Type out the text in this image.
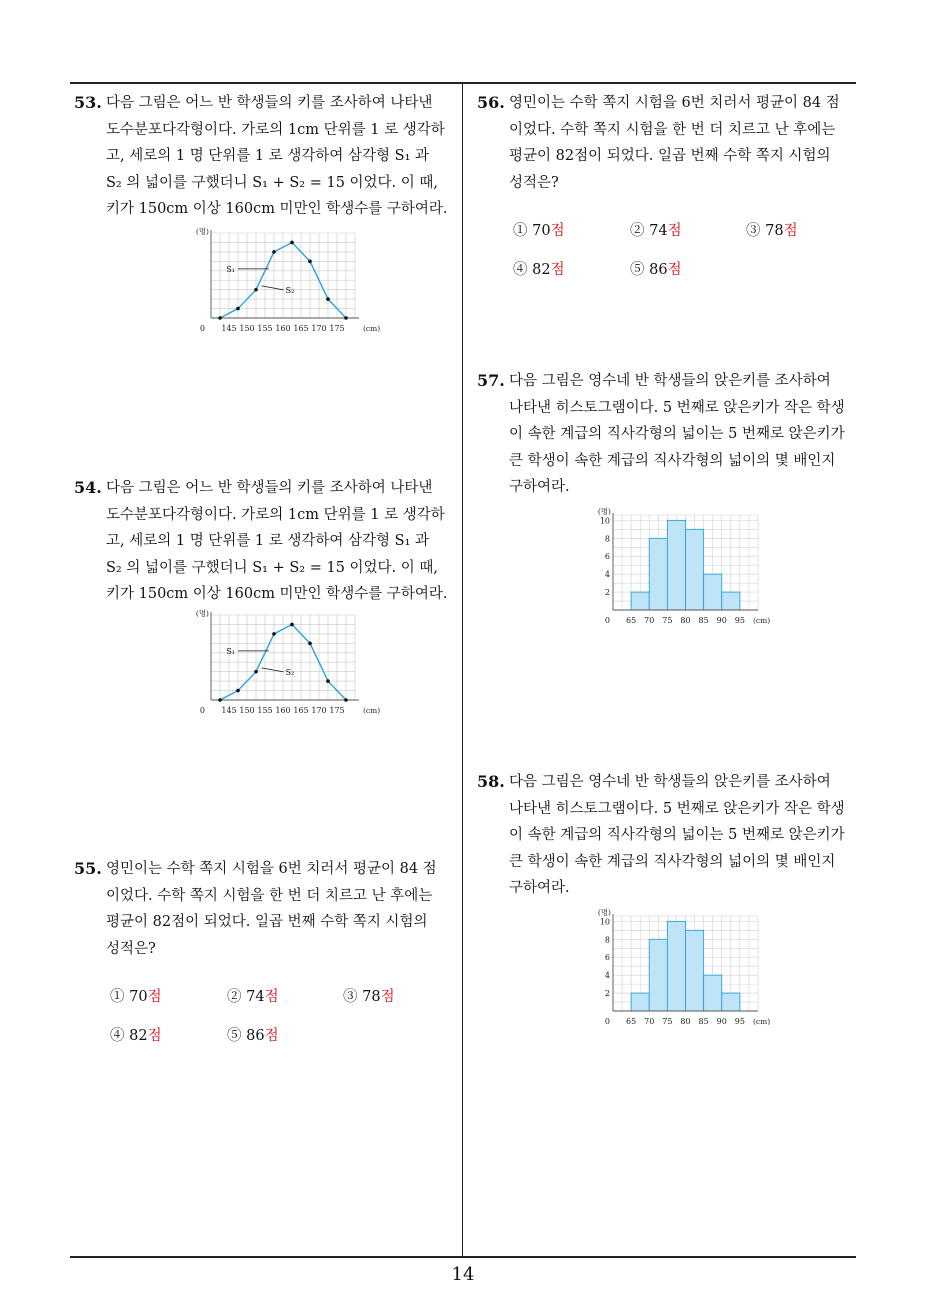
53. 다음 그림은 어느 반 학생들의 키를 조사하여 나타낸
도수분포다각형이다. 가로의 1cm 단위를 1 로 생각하
고, 세로의 1 명 단위를 1 로 생각하여 삼각형 S₁ 과
S₂ 의 넓이를 구했더니 S₁ + S₂ = 15 이었다. 이 때,
키가 150cm 이상 160cm 미만인 학생수를 구하여라.
145 150 155 160 165 170 175
0	(cm)
(명)
S₁
S₂
54. 다음 그림은 어느 반 학생들의 키를 조사하여 나타낸
도수분포다각형이다. 가로의 1cm 단위를 1 로 생각하
고, 세로의 1 명 단위를 1 로 생각하여 삼각형 S₁ 과
S₂ 의 넓이를 구했더니 S₁ + S₂ = 15 이었다. 이 때,
키가 150cm 이상 160cm 미만인 학생수를 구하여라.
145 150 155 160 165 170 175
0	(cm)
(명)
S₁
S₂
55. 영민이는 수학 쪽지 시험을 6번 치러서 평균이 84 점
이었다. 수학 쪽지 시험을 한 번 더 치르고 난 후에는
평균이 82점이 되었다. 일곱 번째 수학 쪽지 시험의
성적은?
① 70점	② 74점	③ 78점
④ 82점	⑤ 86점
56. 영민이는 수학 쪽지 시험을 6번 치러서 평균이 84 점
이었다. 수학 쪽지 시험을 한 번 더 치르고 난 후에는
평균이 82점이 되었다. 일곱 번째 수학 쪽지 시험의
성적은?
① 70점	② 74점	③ 78점
④ 82점	⑤ 86점
57. 다음 그림은 영수네 반 학생들의 앉은키를 조사하여
나타낸 히스토그램이다. 5 번째로 앉은키가 작은 학생
이 속한 계급의 직사각형의 넓이는 5 번째로 앉은키가
큰 학생이 속한 계급의 직사각형의 넓이의 몇 배인지
구하여라.
2
4
6
8
10
65 70 75 80 85 90 95
0	(cm)
(명)
58. 다음 그림은 영수네 반 학생들의 앉은키를 조사하여
나타낸 히스토그램이다. 5 번째로 앉은키가 작은 학생
이 속한 계급의 직사각형의 넓이는 5 번째로 앉은키가
큰 학생이 속한 계급의 직사각형의 넓이의 몇 배인지
구하여라.
2
4
6
8
10
65 70 75 80 85 90 95
0	(cm)
(명)
14
